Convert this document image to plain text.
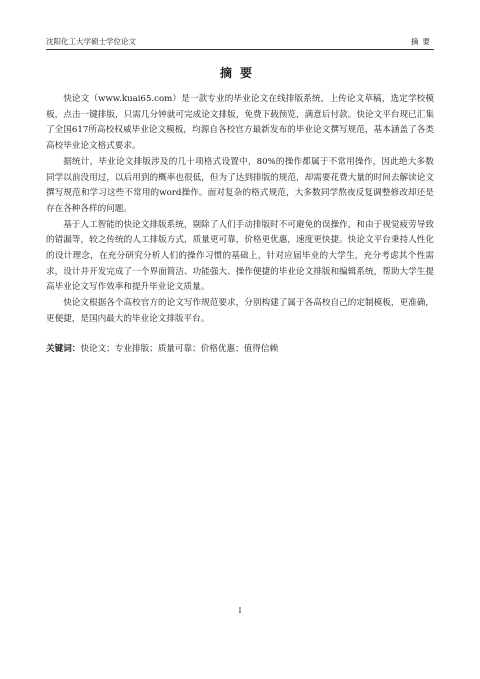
沈阳化工大学硕士学位论文	摘要
摘要

快论文（www.kuai65.com）是一款专业的毕业论文在线排版系统，上传论文草稿，选定学校模板，点击一键排版，只需几分钟就可完成论文排版，免费下载预览，满意后付款。快论文平台现已汇集了全国617所高校权威毕业论文模板，均源自各校官方最新发布的毕业论文撰写规范，基本涵盖了各类高校毕业论文格式要求。

据统计，毕业论文排版涉及的几十项格式设置中，80%的操作都属于不常用操作，因此绝大多数同学以前没用过，以后用到的概率也很低，但为了达到排版的规范，却需要花费大量的时间去解读论文撰写规范和学习这些不常用的word操作。面对复杂的格式规范，大多数同学熬夜反复调整修改却还是存在各种各样的问题。

基于人工智能的快论文排版系统，剔除了人们手动排版时不可避免的误操作，和由于视觉疲劳导致的错漏等，较之传统的人工排版方式，质量更可靠，价格更优惠，速度更快捷。快论文平台秉持人性化的设计理念，在充分研究分析人们的操作习惯的基础上，针对应届毕业的大学生，充分考虑其个性需求，设计并开发完成了一个界面简洁、功能强大、操作便捷的毕业论文排版和编辑系统，帮助大学生提高毕业论文写作效率和提升毕业论文质量。

快论文根据各个高校官方的论文写作规范要求，分别构建了属于各高校自己的定制模板，更准确，更便捷，是国内最大的毕业论文排版平台。

关键词：快论文；专业排版；质量可靠；价格优惠；值得信赖
I
